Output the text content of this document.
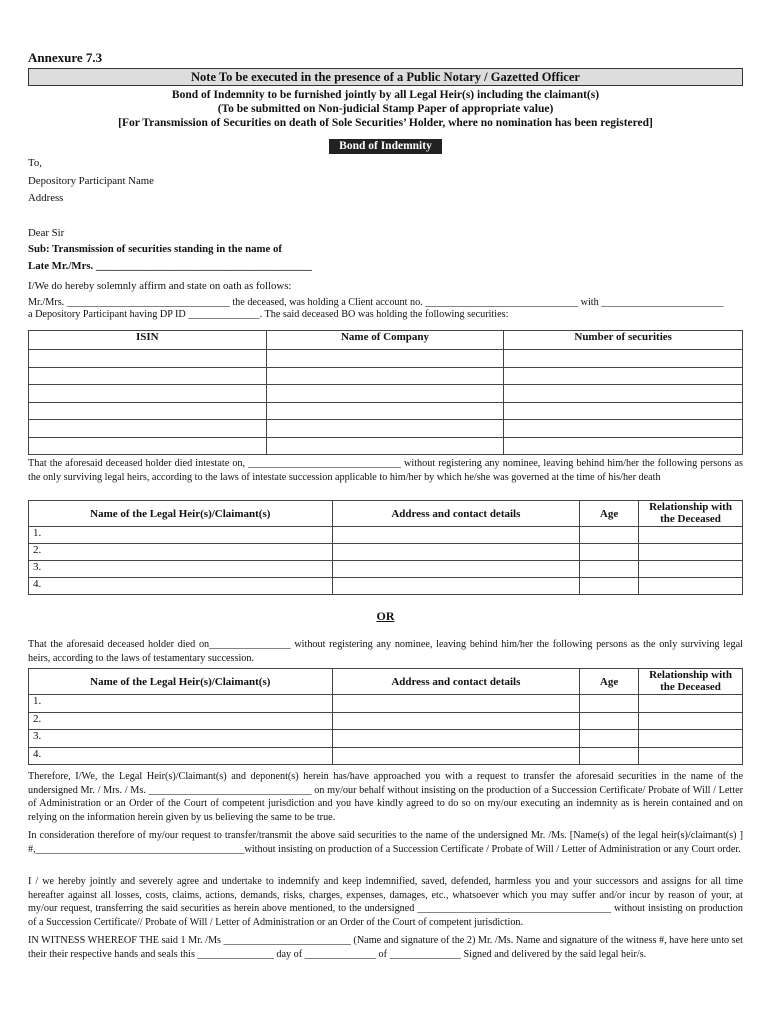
Annexure 7.3
Note To be executed in the presence of a Public Notary / Gazetted Officer
Bond of Indemnity to be furnished jointly by all Legal Heir(s) including the claimant(s)
(To be submitted on Non-judicial Stamp Paper of appropriate value)
[For Transmission of Securities on death of Sole Securities’ Holder, where no nomination has been registered]
Bond of Indemnity
To,
Depository Participant Name
Address
Dear Sir
Sub: Transmission of securities standing in the name of
Late Mr./Mrs. ________________________________________
I/We do hereby solemnly affirm and state on oath as follows:
Mr./Mrs. ________________________________ the deceased, was holding a Client account no. ______________________________ with ________________________
a Depository Participant having DP ID ______________. The said deceased BO was holding the following securities:
ISIN	Name of Company	Number of securities

That the aforesaid deceased holder died intestate on, ______________________________ without registering any nominee, leaving behind him/her the following persons as the only surviving legal heirs, according to the laws of intestate succession applicable to him/her by which he/she was governed at the time of his/her death
Name of the Legal Heir(s)/Claimant(s)	Address and contact details	Age	Relationship with the Deceased
1.			
2.			
3.			
4.			
OR
That the aforesaid deceased holder died on________________ without registering any nominee, leaving behind him/her the following persons as the only surviving legal heirs, according to the laws of testamentary succession.
Name of the Legal Heir(s)/Claimant(s)	Address and contact details	Age	Relationship with the Deceased
1.			
2.			
3.			
4.			
Therefore, I/We, the Legal Heir(s)/Claimant(s) and deponent(s) herein has/have approached you with a request to transfer the aforesaid securities in the name of the undersigned Mr. / Mrs. / Ms. ________________________________ on my/our behalf without insisting on the production of a Succession Certificate/ Probate of Will / Letter of Administration or an Order of the Court of competent jurisdiction and you have kindly agreed to do so on my/our executing an indemnity as is herein contained and on relying on the information herein given by us believing the same to be true.
In consideration therefore of my/our request to transfer/transmit the above said securities to the name of the undersigned Mr. /Ms. [Name(s) of the legal heir(s)/claimant(s) ] #,_________________________________________without insisting on production of a Succession Certificate / Probate of Will / Letter of Administration or any Court order.
I / we hereby jointly and severely agree and undertake to indemnify and keep indemnified, saved, defended, harmless you and your successors and assigns for all time hereafter against all losses, costs, claims, actions, demands, risks, charges, expenses, damages, etc., whatsoever which you may suffer and/or incur by reason of your, at my/our request, transferring the said securities as herein above mentioned, to the undersigned ______________________________________ without insisting on production of a Succession Certificate// Probate of Will / Letter of Administration or an Order of the Court of competent jurisdiction.
IN WITNESS WHEREOF THE said 1 Mr. /Ms _________________________ (Name and signature of the 2) Mr. /Ms. Name and signature of the witness #, have here unto set their their respective hands and seals this _______________ day of ______________ of ______________ Signed and delivered by the said legal heir/s.
